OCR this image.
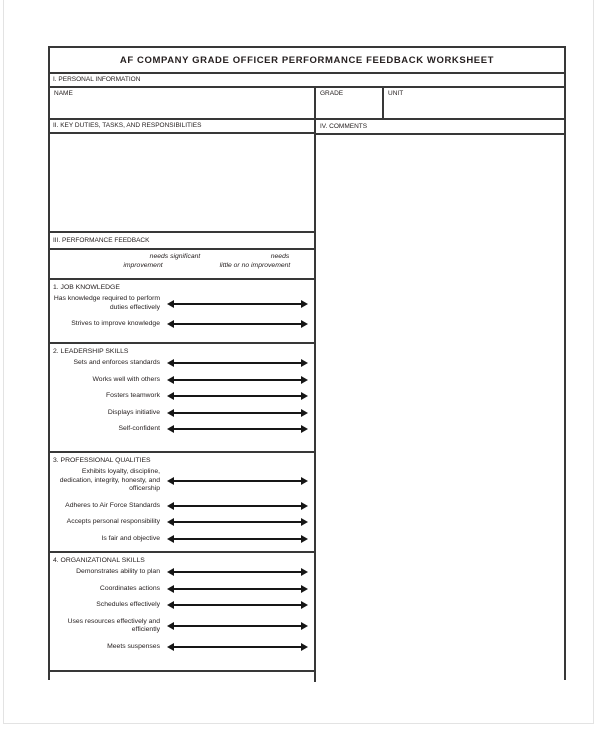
AF COMPANY GRADE OFFICER PERFORMANCE FEEDBACK WORKSHEET
I. PERSONAL INFORMATION
NAME	GRADE	UNIT
II. KEY DUTIES, TASKS, AND RESPONSIBILITIES
III. PERFORMANCE FEEDBACK
needs significant
improvement
needs
little or no improvement
1. JOB KNOWLEDGE
Has knowledge required to perform duties effectively
Strives to improve knowledge
2. LEADERSHIP SKILLS
Sets and enforces standards
Works well with others
Fosters teamwork
Displays initiative
Self-confident
3. PROFESSIONAL QUALITIES
Exhibits loyalty, discipline, dedication, integrity, honesty, and officership
Adheres to Air Force Standards
Accepts personal responsibility
Is fair and objective
4. ORGANIZATIONAL SKILLS
Demonstrates ability to plan
Coordinates actions
Schedules effectively
Uses resources effectively and efficiently
Meets suspenses
IV. COMMENTS
